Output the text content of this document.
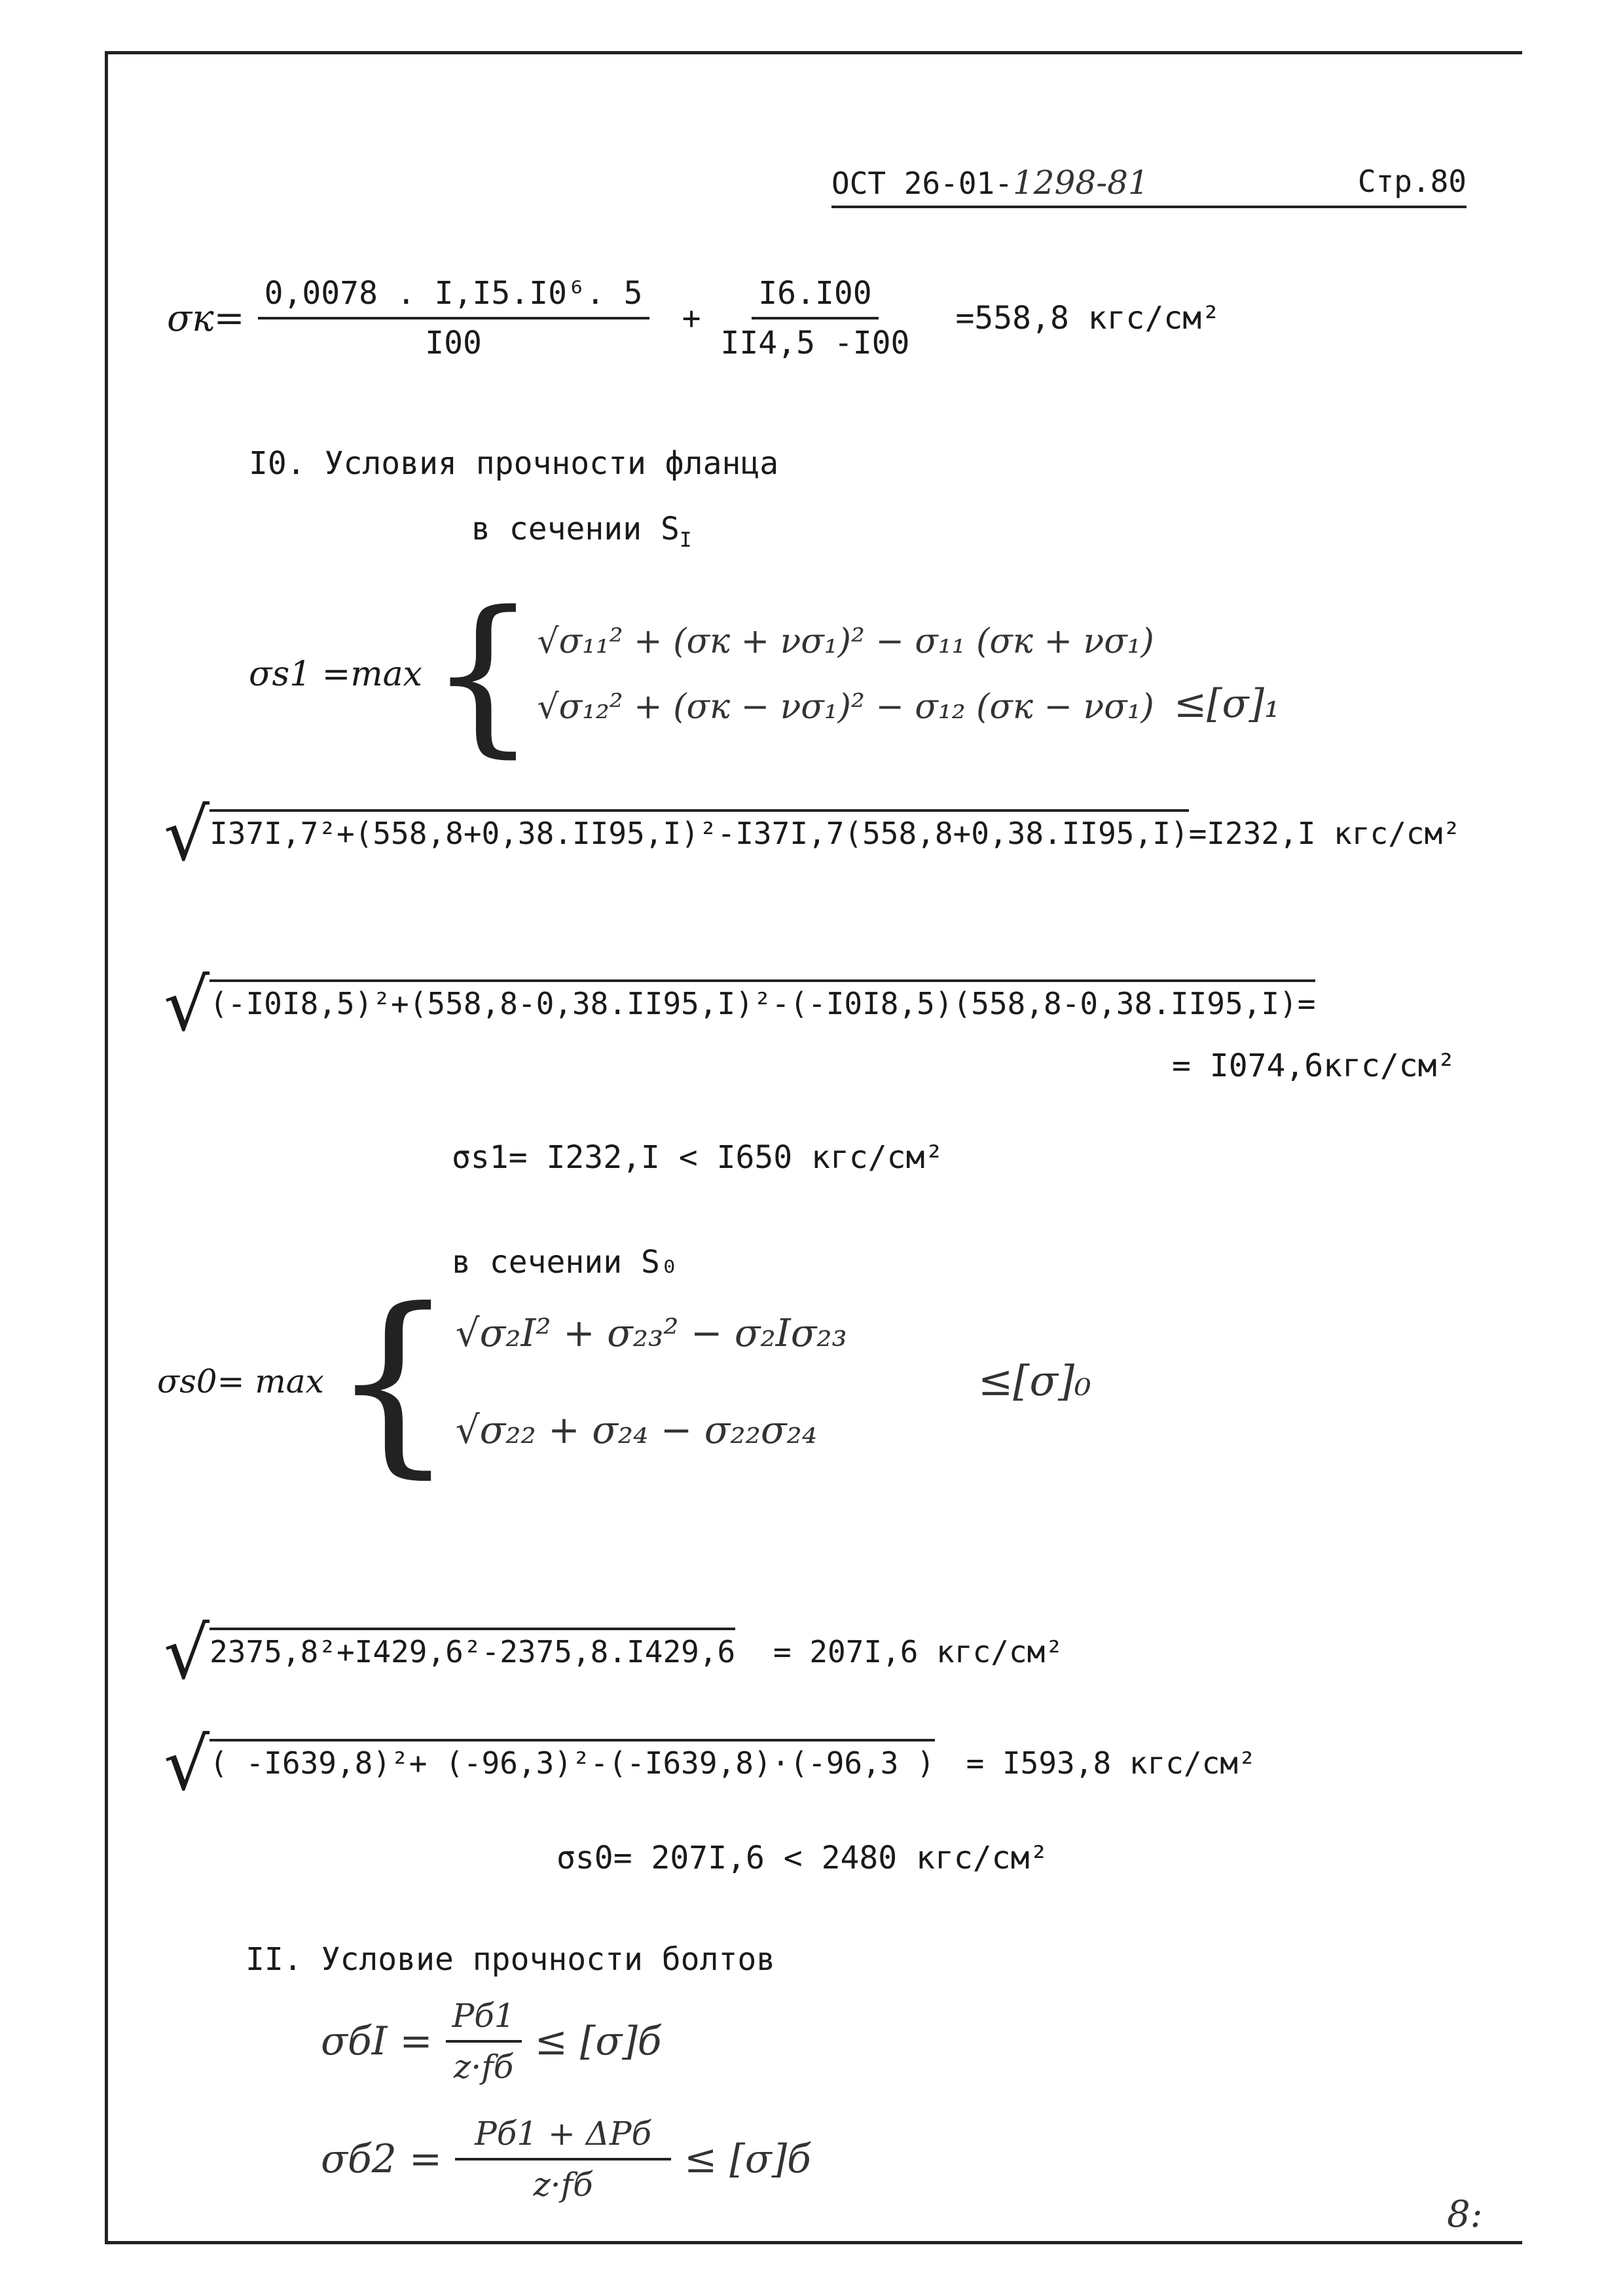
ОСТ 26-01-1298-81	Стр.80
$\sigma к= \frac{\text{0,0078 . I,I5.I0⁶. 5}}{I00} + \frac{I6.I00}{II4,5 -I00} =558,8$ кгс/см²
I0. Условия прочности фланца
в сечении $S_I$
σs1 =max { √σ₁₁² + (σк + νσ₁)² − σ₁₁ (σк + νσ₁)
√σ₁₂² + (σк − νσ₁)² − σ₁₂ (σк − νσ₁) ≤[σ]₁
√I37I,7²+(558,8+0,38.II95,I)²-I37I,7(558,8+0,38.II95,I)=I232,I кгс/см²
√(-I0I8,5)²+(558,8-0,38.II95,I)²-(-I0I8,5)(558,8-0,38.II95,I)=
= I074,6кгс/см²
σs1= I232,I < I650 кгс/см²
в сечении S₀
σs0= max { √σ₂I² + σ₂₃² − σ₂Iσ₂₃
√σ₂₂ + σ₂₄ − σ₂₂σ₂₄
≤[σ]₀
√2375,8²+I429,6²-2375,8.I429,6 = 207I,6 кгс/см²
√( -I639,8)²+ (-96,3)²-(-I639,8)·(-96,3 ) = I593,8 кгс/см²
σs0= 207I,6 < 2480 кгс/см²
II. Условие прочности болтов
$\sigma бI = \frac{Pб1}{z\cdot fб} \le [\sigma]б$
$\sigma б2 = \frac{\text{Pб1 + ΔPб}}{z\cdot fб} \le [\sigma]б$
8:
